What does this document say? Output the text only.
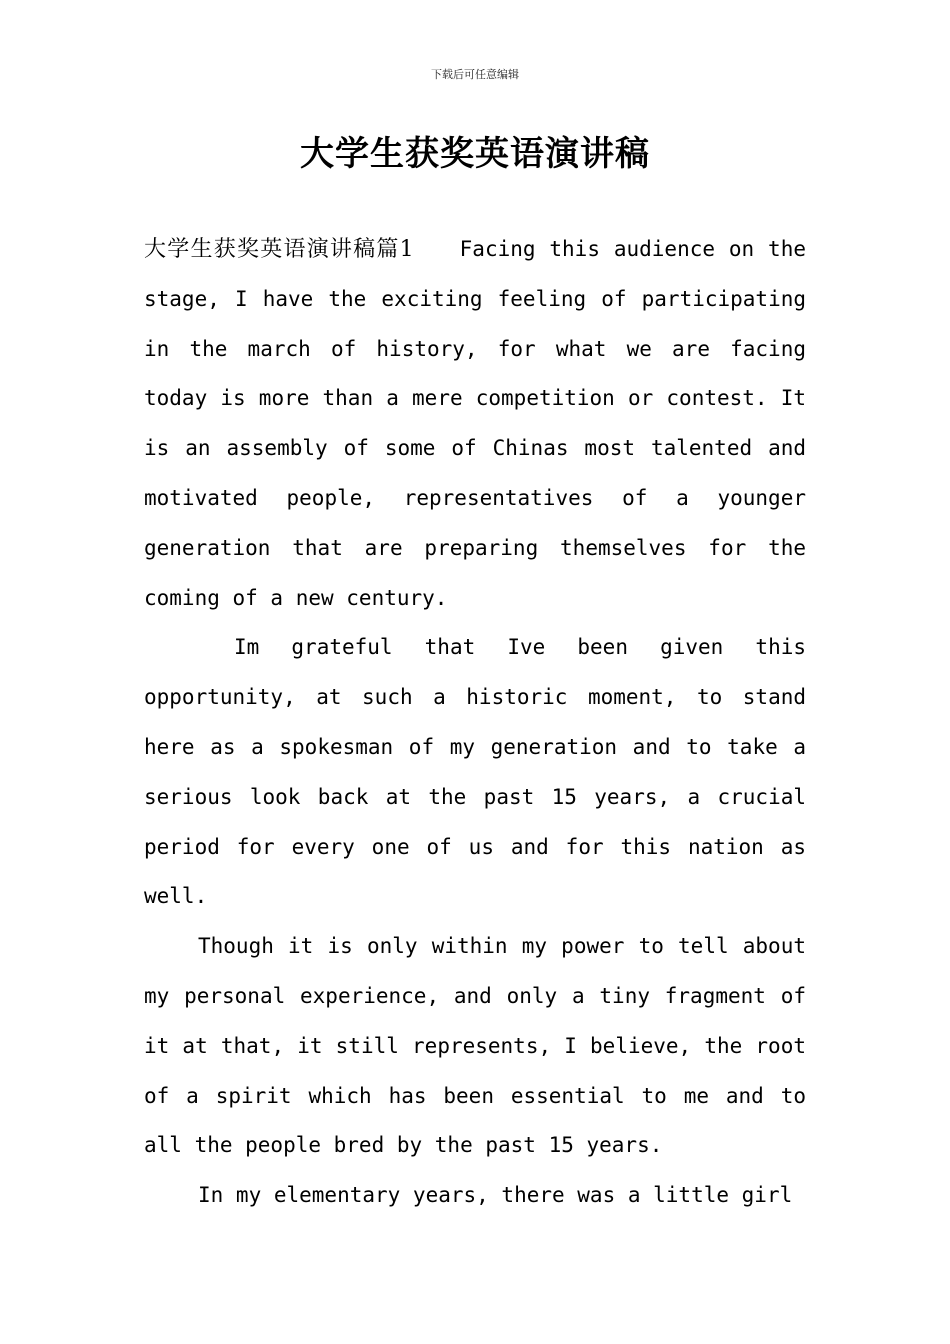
下载后可任意编辑
大学生获奖英语演讲稿

大学生获奖英语演讲稿篇1 Facing this audience on the stage, I have the exciting feeling of participating in the march of history, for what we are facing today is more than a mere competition or contest. It is an assembly of some of Chinas most talented and motivated people, representatives of a younger generation that are preparing themselves for the coming of a new century.

Im grateful that Ive been given this opportunity, at such a historic moment, to stand here as a spokesman of my generation and to take a serious look back at the past 15 years, a crucial period for every one of us and for this nation as well.

Though it is only within my power to tell about my personal experience, and only a tiny fragment of it at that, it still represents, I believe, the root of a spirit which has been essential to me and to all the people bred by the past 15 years.

In my elementary years, there was a little girl
